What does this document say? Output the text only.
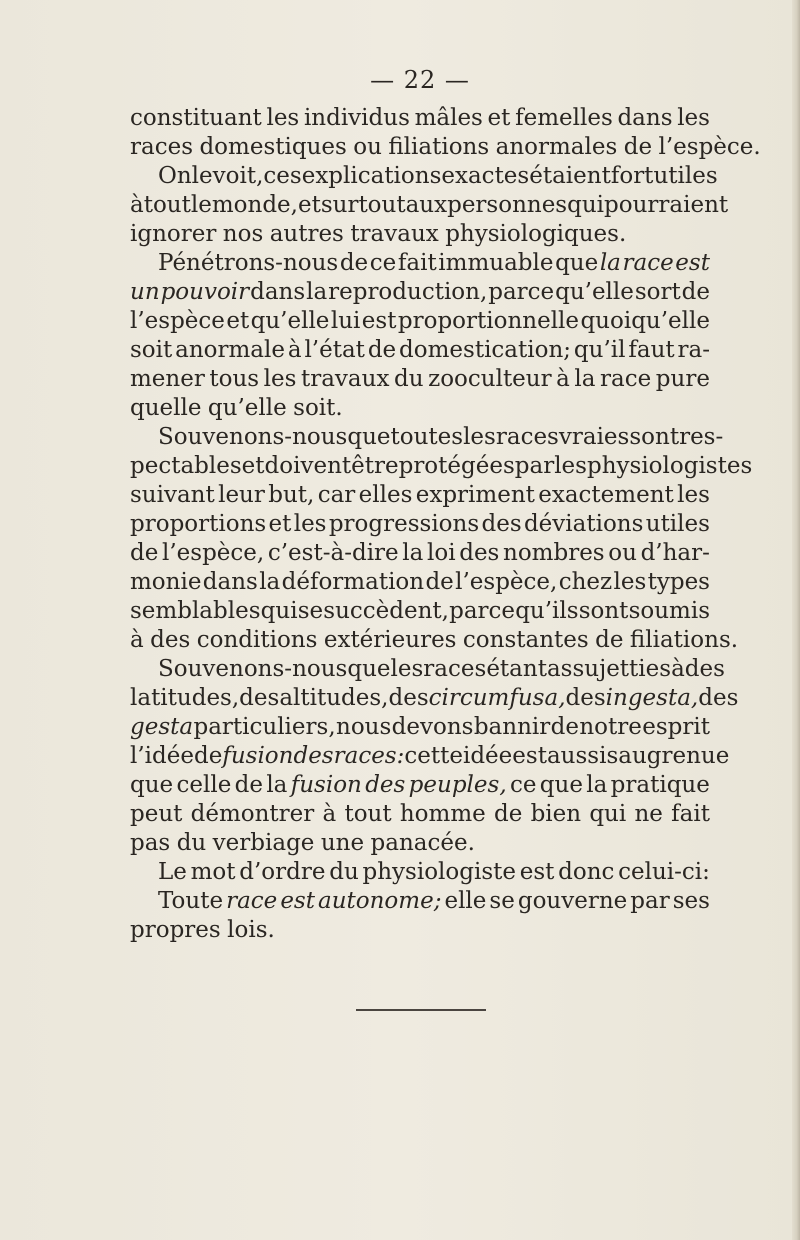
— 22 —
constituant les individus mâles et femelles dans les
races domestiques ou filiations anormales de l’espèce.
On le voit, ces explications exactes étaient fort utiles
à tout le monde, et surtout aux personnes qui pourraient
ignorer nos autres travaux physiologiques.
Pénétrons-nous de ce fait immuable que la race est
un pouvoir dans la reproduction, parce qu’elle sort de
l’espèce et qu’elle lui est proportionnelle quoiqu’elle
soit anormale à l’état de domestication; qu’il faut ra-
mener tous les travaux du zooculteur à la race pure
quelle qu’elle soit.
Souvenons-nous que toutes les races vraies sont res-
pectables et doivent être protégées par les physiologistes
suivant leur but, car elles expriment exactement les
proportions et les progressions des déviations utiles
de l’espèce, c’est-à-dire la loi des nombres ou d’har-
monie dans la déformation de l’espèce, chez les types
semblables qui se succèdent, parce qu’ils sont soumis
à des conditions extérieures constantes de filiations.
Souvenons-nous que les races étant assujetties à des
latitudes, des altitudes, des circumfusa, des ingesta, des
gesta particuliers, nous devons bannir de notre esprit
l’idée de fusion des races: cette idée est aussi saugrenue
que celle de la fusion des peuples, ce que la pratique
peut démontrer à tout homme de bien qui ne fait
pas du verbiage une panacée.
Le mot d’ordre du physiologiste est donc celui-ci:
Toute race est autonome; elle se gouverne par ses
propres lois.
